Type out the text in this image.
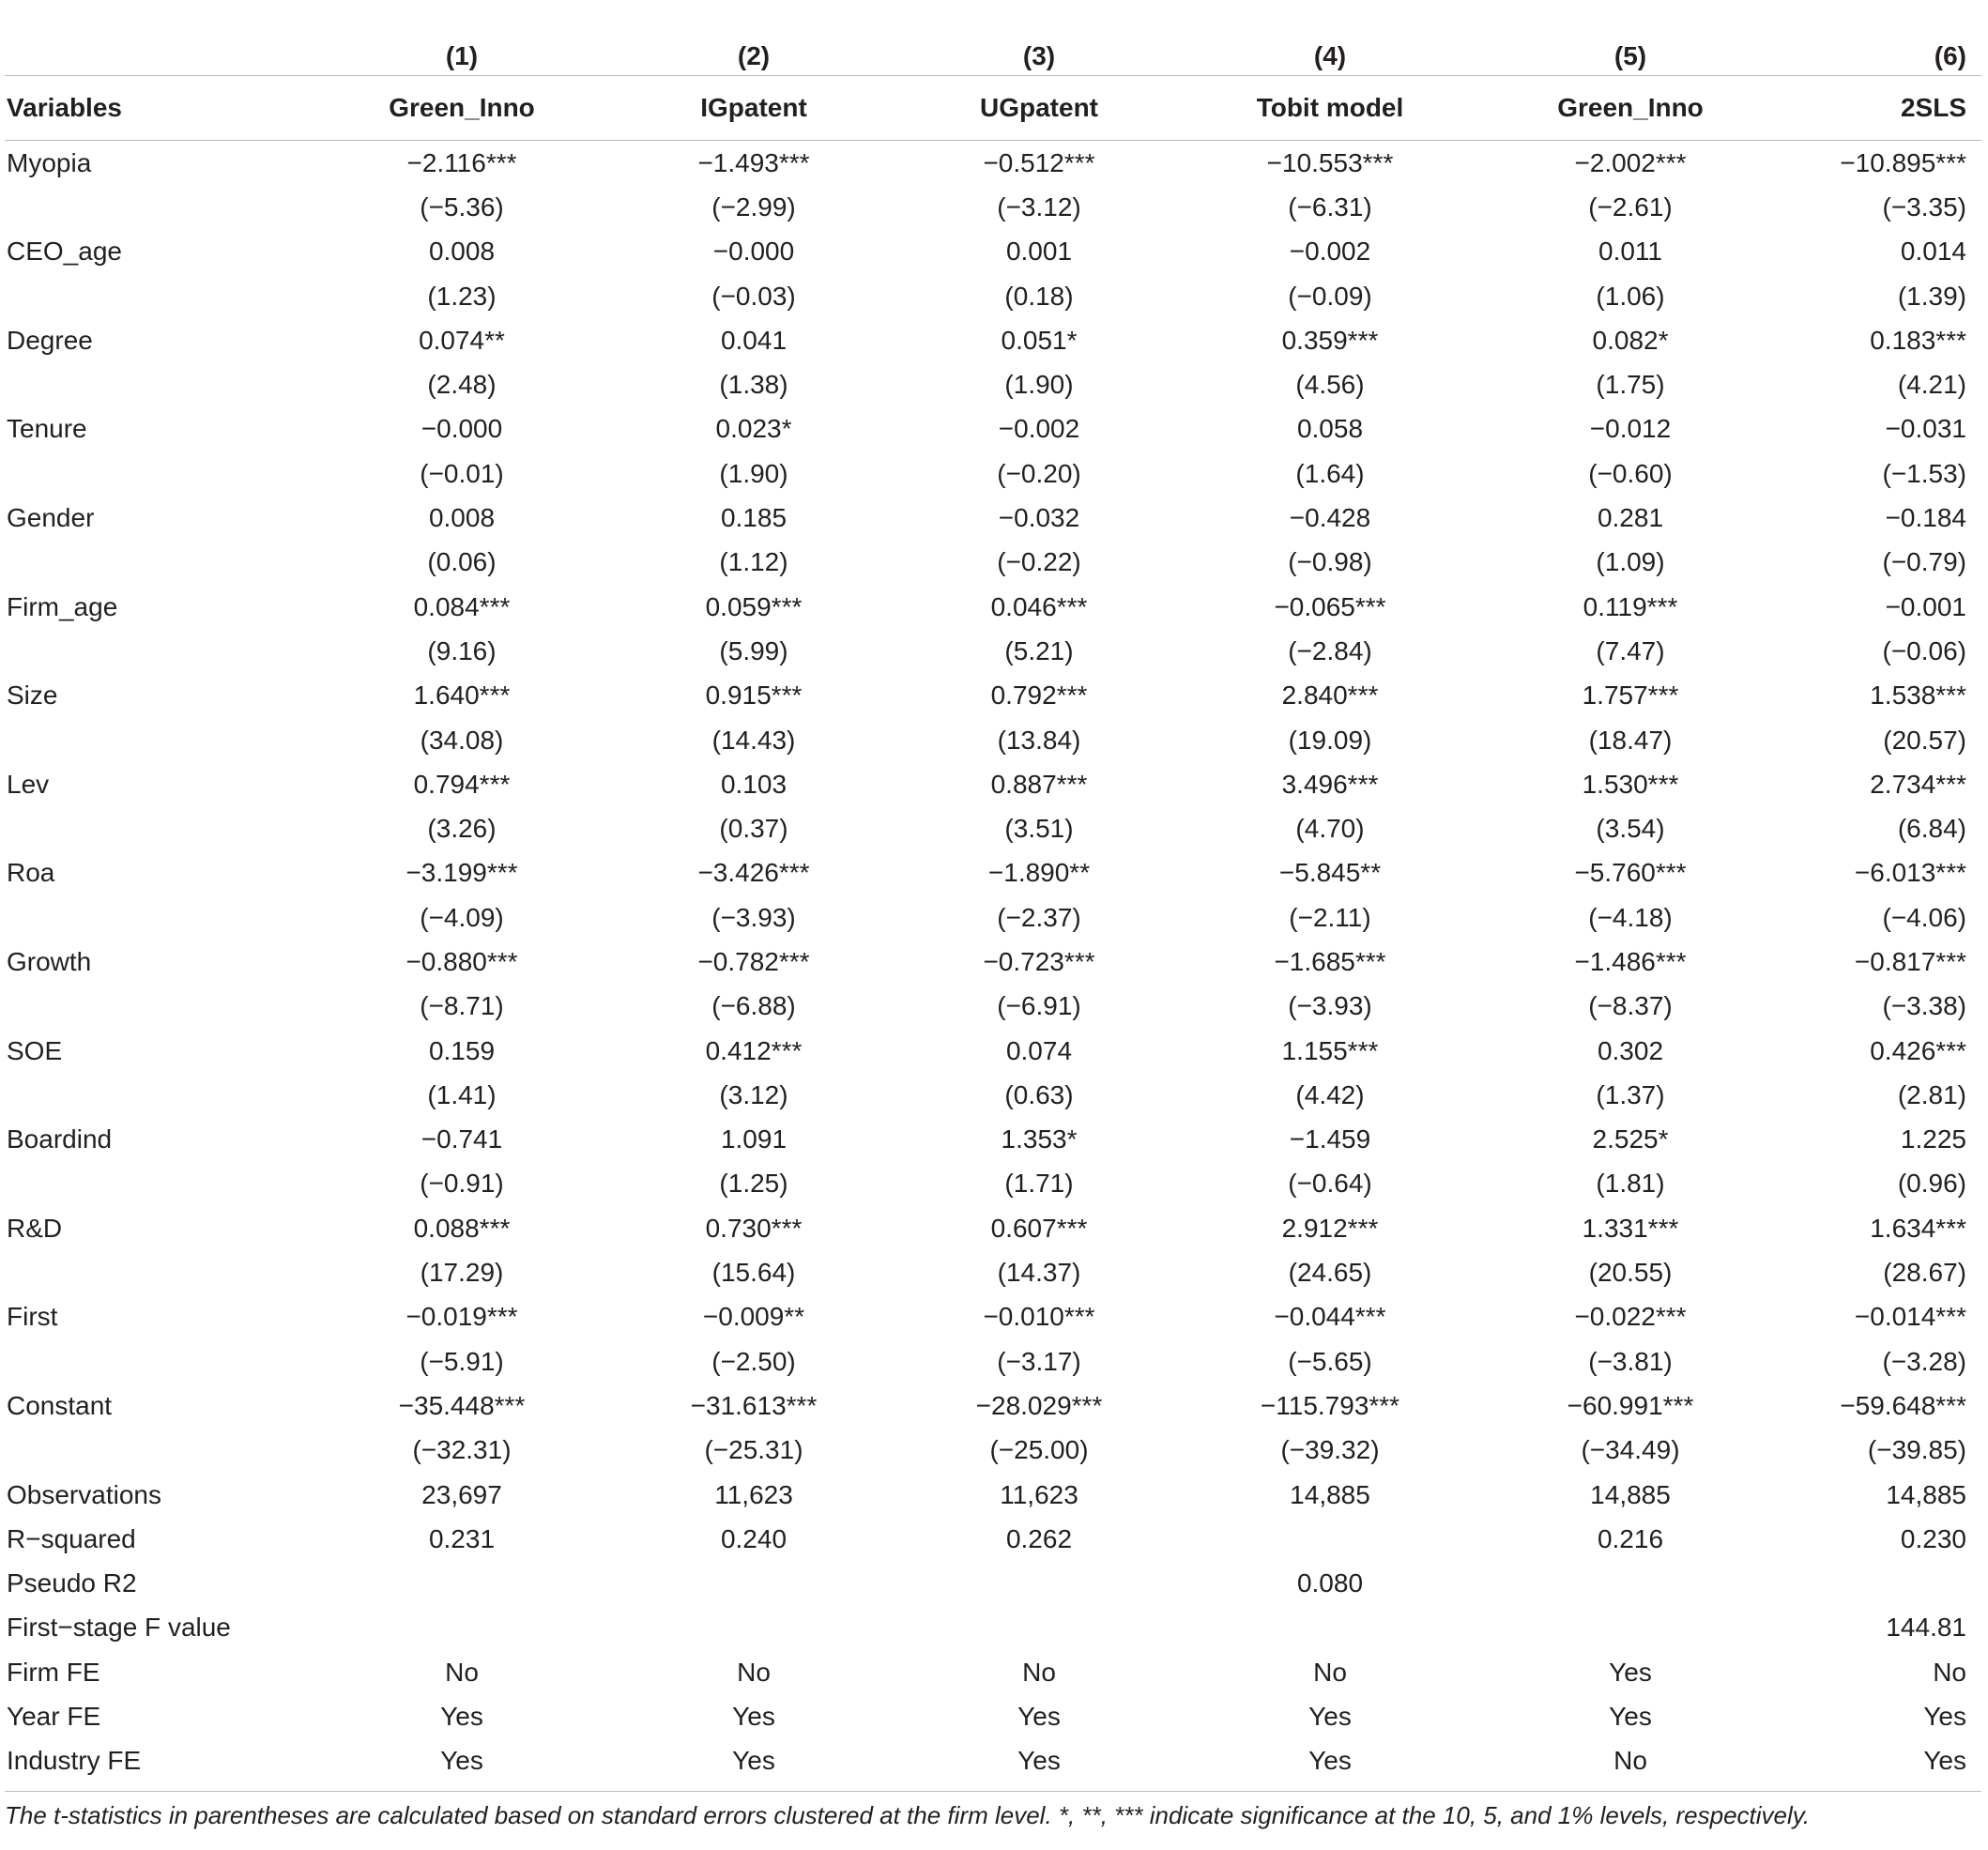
	(1)	(2)	(3)	(4)	(5)	(6)
Variables	Green_Inno	IGpatent	UGpatent	Tobit model	Green_Inno	2SLS
Myopia	−2.116***	−1.493***	−0.512***	−10.553***	−2.002***	−10.895***
	(−5.36)	(−2.99)	(−3.12)	(−6.31)	(−2.61)	(−3.35)
CEO_age	0.008	−0.000	0.001	−0.002	0.011	0.014
	(1.23)	(−0.03)	(0.18)	(−0.09)	(1.06)	(1.39)
Degree	0.074**	0.041	0.051*	0.359***	0.082*	0.183***
	(2.48)	(1.38)	(1.90)	(4.56)	(1.75)	(4.21)
Tenure	−0.000	0.023*	−0.002	0.058	−0.012	−0.031
	(−0.01)	(1.90)	(−0.20)	(1.64)	(−0.60)	(−1.53)
Gender	0.008	0.185	−0.032	−0.428	0.281	−0.184
	(0.06)	(1.12)	(−0.22)	(−0.98)	(1.09)	(−0.79)
Firm_age	0.084***	0.059***	0.046***	−0.065***	0.119***	−0.001
	(9.16)	(5.99)	(5.21)	(−2.84)	(7.47)	(−0.06)
Size	1.640***	0.915***	0.792***	2.840***	1.757***	1.538***
	(34.08)	(14.43)	(13.84)	(19.09)	(18.47)	(20.57)
Lev	0.794***	0.103	0.887***	3.496***	1.530***	2.734***
	(3.26)	(0.37)	(3.51)	(4.70)	(3.54)	(6.84)
Roa	−3.199***	−3.426***	−1.890**	−5.845**	−5.760***	−6.013***
	(−4.09)	(−3.93)	(−2.37)	(−2.11)	(−4.18)	(−4.06)
Growth	−0.880***	−0.782***	−0.723***	−1.685***	−1.486***	−0.817***
	(−8.71)	(−6.88)	(−6.91)	(−3.93)	(−8.37)	(−3.38)
SOE	0.159	0.412***	0.074	1.155***	0.302	0.426***
	(1.41)	(3.12)	(0.63)	(4.42)	(1.37)	(2.81)
Boardind	−0.741	1.091	1.353*	−1.459	2.525*	1.225
	(−0.91)	(1.25)	(1.71)	(−0.64)	(1.81)	(0.96)
R&D	0.088***	0.730***	0.607***	2.912***	1.331***	1.634***
	(17.29)	(15.64)	(14.37)	(24.65)	(20.55)	(28.67)
First	−0.019***	−0.009**	−0.010***	−0.044***	−0.022***	−0.014***
	(−5.91)	(−2.50)	(−3.17)	(−5.65)	(−3.81)	(−3.28)
Constant	−35.448***	−31.613***	−28.029***	−115.793***	−60.991***	−59.648***
	(−32.31)	(−25.31)	(−25.00)	(−39.32)	(−34.49)	(−39.85)
Observations	23,697	11,623	11,623	14,885	14,885	14,885
R−squared	0.231	0.240	0.262		0.216	0.230
Pseudo R2				0.080		
First−stage F value						144.81
Firm FE	No	No	No	No	Yes	No
Year FE	Yes	Yes	Yes	Yes	Yes	Yes
Industry FE	Yes	Yes	Yes	Yes	No	Yes
The t-statistics in parentheses are calculated based on standard errors clustered at the firm level. *, **, *** indicate significance at the 10, 5, and 1% levels, respectively.
